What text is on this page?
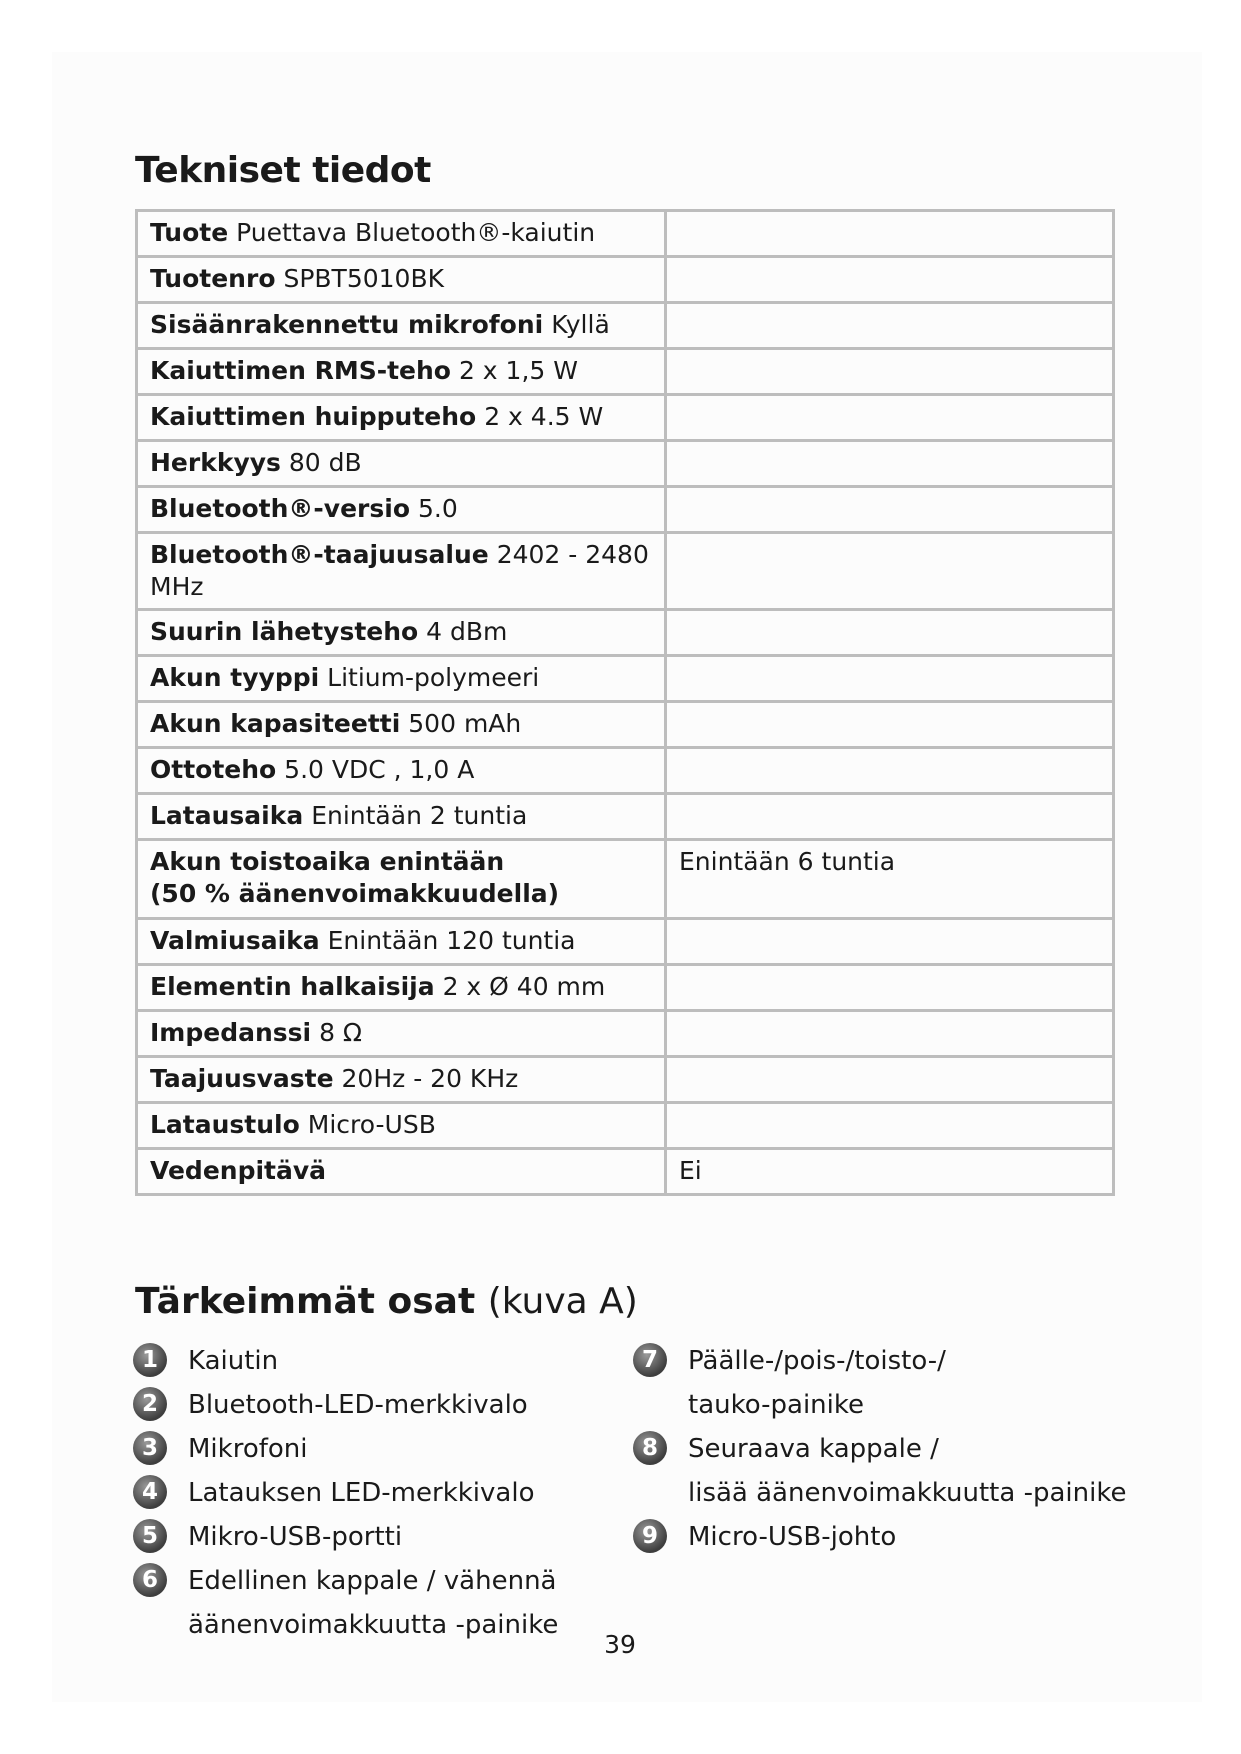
Tekniset tiedot
Tuote Puettava Bluetooth®-kaiutin	
Tuotenro SPBT5010BK	
Sisäänrakennettu mikrofoni Kyllä	
Kaiuttimen RMS-teho 2 x 1,5 W	
Kaiuttimen huipputeho 2 x 4.5 W	
Herkkyys 80 dB	
Bluetooth®-versio 5.0	
Bluetooth®-taajuusalue 2402 - 2480 MHz	
Suurin lähetysteho 4 dBm	
Akun tyyppi Litium-polymeeri	
Akun kapasiteetti 500 mAh	
Ottoteho 5.0 VDC , 1,0 A	
Latausaika Enintään 2 tuntia	
Akun toistoaika enintään
(50 % äänenvoimakkuudella)	Enintään 6 tuntia
Valmiusaika Enintään 120 tuntia	
Elementin halkaisija 2 x Ø 40 mm	
Impedanssi 8 Ω	
Taajuusvaste 20Hz - 20 KHz	
Lataustulo Micro-USB	
Vedenpitävä	Ei
Tärkeimmät osat (kuva A)
1	Kaiutin
2	Bluetooth-LED-merkkivalo
3	Mikrofoni
4	Latauksen LED-merkkivalo
5	Mikro-USB-portti
6	Edellinen kappale / vähennä
äänenvoimakkuutta -painike
7	Päälle-/pois-/toisto-/
tauko-painike
8	Seuraava kappale /
lisää äänenvoimakkuutta -painike
9	Micro-USB-johto
39
